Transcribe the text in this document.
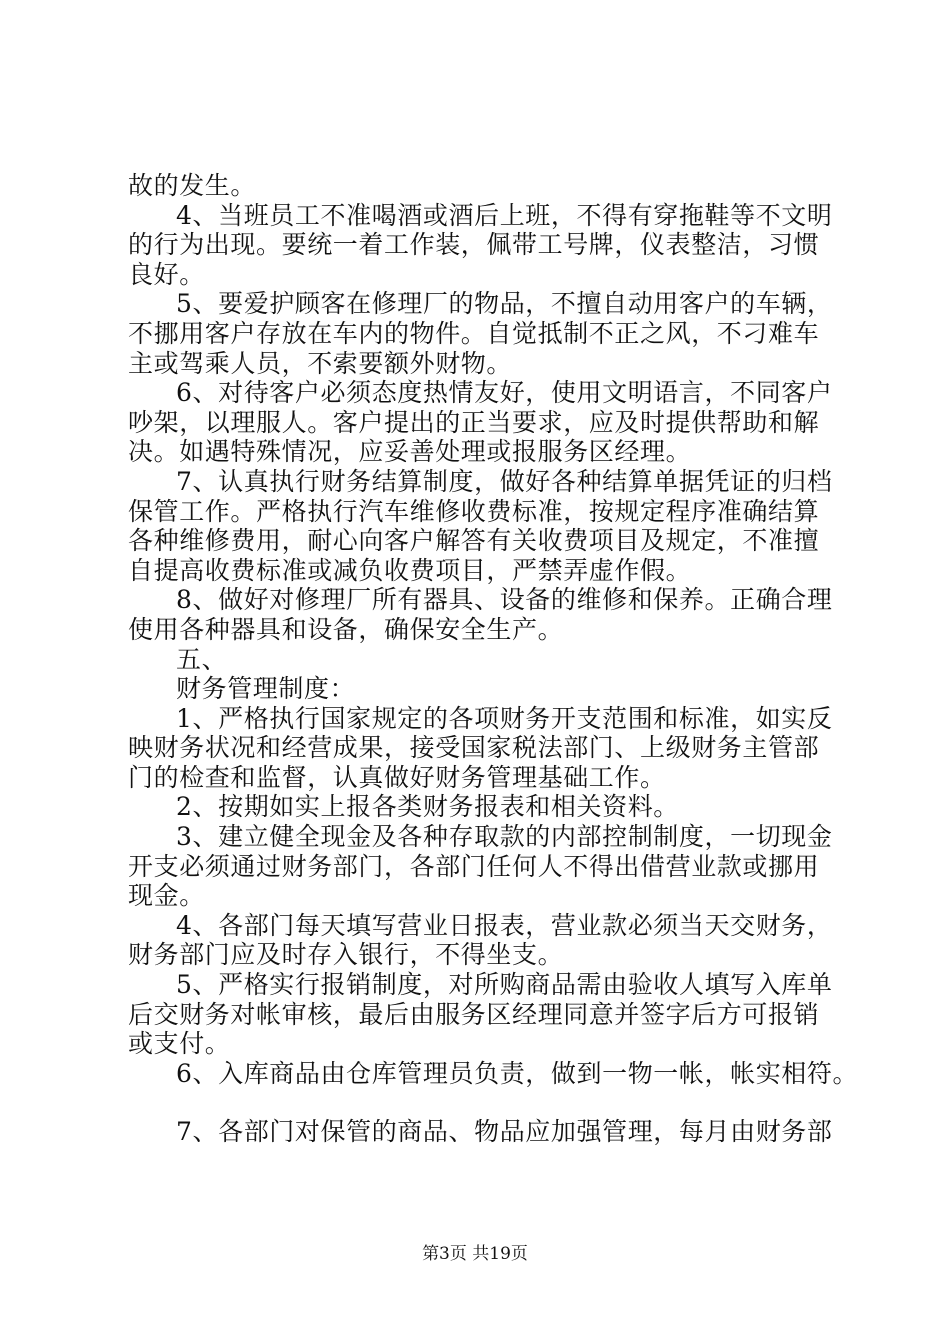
故的发生。
4、当班员工不准喝酒或酒后上班，不得有穿拖鞋等不文明
的行为出现。要统一着工作装，佩带工号牌，仪表整洁，习惯
良好。
5、要爱护顾客在修理厂的物品，不擅自动用客户的车辆，
不挪用客户存放在车内的物件。自觉抵制不正之风，不刁难车
主或驾乘人员，不索要额外财物。
6、对待客户必须态度热情友好，使用文明语言，不同客户
吵架，以理服人。客户提出的正当要求，应及时提供帮助和解
决。如遇特殊情况，应妥善处理或报服务区经理。
7、认真执行财务结算制度，做好各种结算单据凭证的归档
保管工作。严格执行汽车维修收费标准，按规定程序准确结算
各种维修费用，耐心向客户解答有关收费项目及规定，不准擅
自提高收费标准或减负收费项目，严禁弄虚作假。
8、做好对修理厂所有器具、设备的维修和保养。正确合理
使用各种器具和设备，确保安全生产。
五、
财务管理制度：
1、严格执行国家规定的各项财务开支范围和标准，如实反
映财务状况和经营成果，接受国家税法部门、上级财务主管部
门的检查和监督，认真做好财务管理基础工作。
2、按期如实上报各类财务报表和相关资料。
3、建立健全现金及各种存取款的内部控制制度，一切现金
开支必须通过财务部门，各部门任何人不得出借营业款或挪用
现金。
4、各部门每天填写营业日报表，营业款必须当天交财务，
财务部门应及时存入银行，不得坐支。
5、严格实行报销制度，对所购商品需由验收人填写入库单
后交财务对帐审核，最后由服务区经理同意并签字后方可报销
或支付。
6、入库商品由仓库管理员负责，做到一物一帐，帐实相符。
7、各部门对保管的商品、物品应加强管理，每月由财务部
第3页 共19页
